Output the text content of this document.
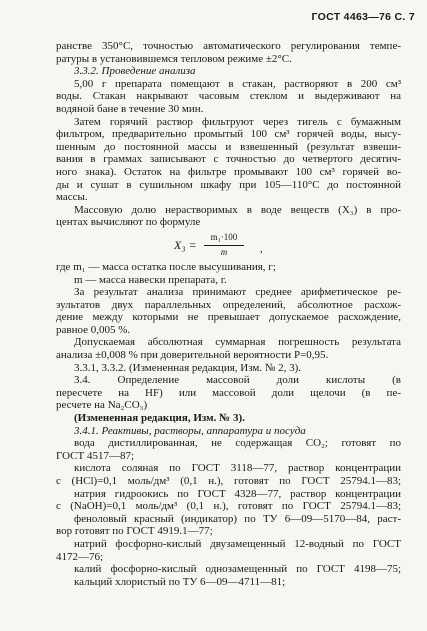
ГОСТ 4463—76 С. 7
ранстве 350°С, точностью автоматического регулирования темпе-
ратуры в установившемся тепловом режиме ±2°С.
3.3.2. Проведение анализа
5,00 г препарата помещают в стакан, растворяют в 200 см³
воды. Стакан накрывают часовым стеклом и выдерживают на
водяной бане в течение 30 мин.
Затем горячий раствор фильтруют через тигель с бумажным
фильтром, предварительно промытый 100 см³ горячей воды, высу-
шенным до постоянной массы и взвешенный (результат взвеши-
вания в граммах записывают с точностью до четвертого десятич-
ного знака). Остаток на фильтре промывают 100 см³ горячей во-
ды и сушат в сушильном шкафу при 105—110°С до постоянной
массы.
Массовую долю нерастворимых в воде веществ (X₃) в про-
центах вычисляют по формуле
$X_3 = \frac{\text{m₁·100}}{m}$ ,
где m₁ — масса остатка после высушивания, г;
m — масса навески препарата, г.
За результат анализа принимают среднее арифметическое ре-
зультатов двух параллельных определений, абсолютное расхож-
дение между которыми не превышает допускаемое расхождение,
равное 0,005 %.
Допускаемая абсолютная суммарная погрешность результата
анализа ±0,008 % при доверительной вероятности P=0,95.
3.3.1, 3.3.2. (Измененная редакция, Изм. № 2, 3).
3.4. Определение массовой доли кислоты (в
пересчете на HF) или массовой доли щелочи (в пе-
ресчете на Na₂CO₃)
(Измененная редакция, Изм. № 3).
3.4.1. Реактивы, растворы, аппаратура и посуда
вода дистиллированная, не содержащая CO₂; готовят по
ГОСТ 4517—87;
кислота соляная по ГОСТ 3118—77, раствор концентрации
c (HCl)=0,1 моль/дм³ (0,1 н.), готовят по ГОСТ 25794.1—83;
натрия гидроокись по ГОСТ 4328—77, раствор концентрации
c (NaOH)=0,1 моль/дм³ (0,1 н.), готовят по ГОСТ 25794.1—83;
феноловый красный (индикатор) по ТУ 6—09—5170—84, раст-
вор готовят по ГОСТ 4919.1—77;
натрий фосфорно-кислый двузамещенный 12-водный по ГОСТ
4172—76;
калий фосфорно-кислый однозамещенный по ГОСТ 4198—75;
кальций хлористый по ТУ 6—09—4711—81;
